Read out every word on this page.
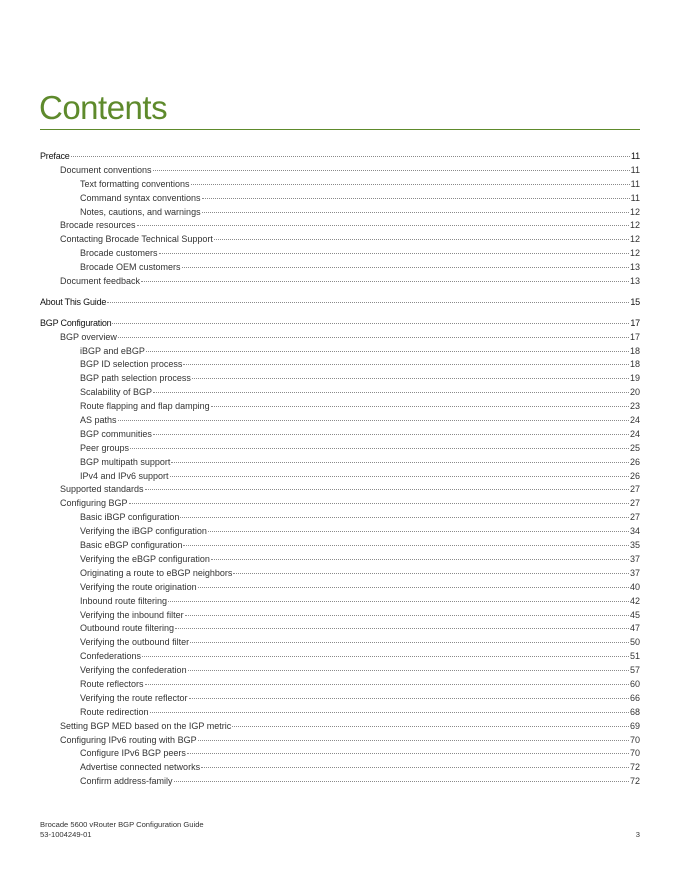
Contents
Preface	11
Document conventions	11
Text formatting conventions	11
Command syntax conventions	11
Notes, cautions, and warnings	12
Brocade resources	12
Contacting Brocade Technical Support	12
Brocade customers	12
Brocade OEM customers	13
Document feedback	13
About This Guide	15
BGP Configuration	17
BGP overview	17
iBGP and eBGP	18
BGP ID selection process	18
BGP path selection process	19
Scalability of BGP	20
Route flapping and flap damping	23
AS paths	24
BGP communities	24
Peer groups	25
BGP multipath support	26
IPv4 and IPv6 support	26
Supported standards	27
Configuring BGP	27
Basic iBGP configuration	27
Verifying the iBGP configuration	34
Basic eBGP configuration	35
Verifying the eBGP configuration	37
Originating a route to eBGP neighbors	37
Verifying the route origination	40
Inbound route filtering	42
Verifying the inbound filter	45
Outbound route filtering	47
Verifying the outbound filter	50
Confederations	51
Verifying the confederation	57
Route reflectors	60
Verifying the route reflector	66
Route redirection	68
Setting BGP MED based on the IGP metric	69
Configuring IPv6 routing with BGP	70
Configure IPv6 BGP peers	70
Advertise connected networks	72
Confirm address-family	72
Brocade 5600 vRouter BGP Configuration Guide
53-1004249-01	3
